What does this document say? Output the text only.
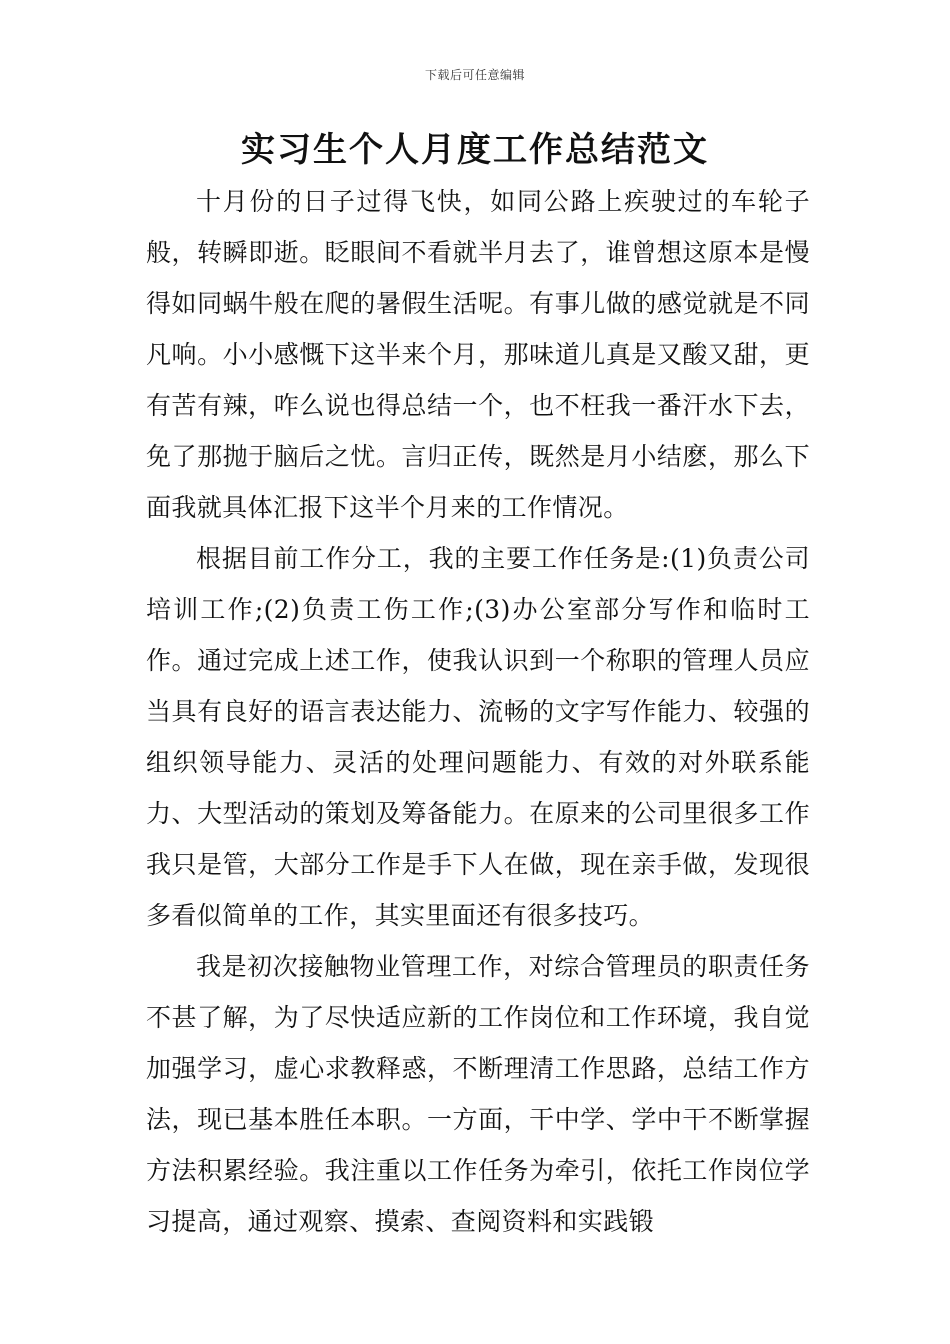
下载后可任意编辑
实习生个人月度工作总结范文

十月份的日子过得飞快，如同公路上疾驶过的车轮子般，转瞬即逝。眨眼间不看就半月去了，谁曾想这原本是慢得如同蜗牛般在爬的暑假生活呢。有事儿做的感觉就是不同凡响。小小感慨下这半来个月，那味道儿真是又酸又甜，更有苦有辣，咋么说也得总结一个，也不枉我一番汗水下去，免了那抛于脑后之忧。言归正传，既然是月小结麽，那么下面我就具体汇报下这半个月来的工作情况。

根据目前工作分工，我的主要工作任务是:(1)负责公司培训工作;(2)负责工伤工作;(3)办公室部分写作和临时工作。通过完成上述工作，使我认识到一个称职的管理人员应当具有良好的语言表达能力、流畅的文字写作能力、较强的组织领导能力、灵活的处理问题能力、有效的对外联系能力、大型活动的策划及筹备能力。在原来的公司里很多工作我只是管，大部分工作是手下人在做，现在亲手做，发现很多看似简单的工作，其实里面还有很多技巧。

我是初次接触物业管理工作，对综合管理员的职责任务不甚了解，为了尽快适应新的工作岗位和工作环境，我自觉加强学习，虚心求教释惑，不断理清工作思路，总结工作方法，现已基本胜任本职。一方面，干中学、学中干不断掌握方法积累经验。我注重以工作任务为牵引，依托工作岗位学习提高，通过观察、摸索、查阅资料和实践锻
